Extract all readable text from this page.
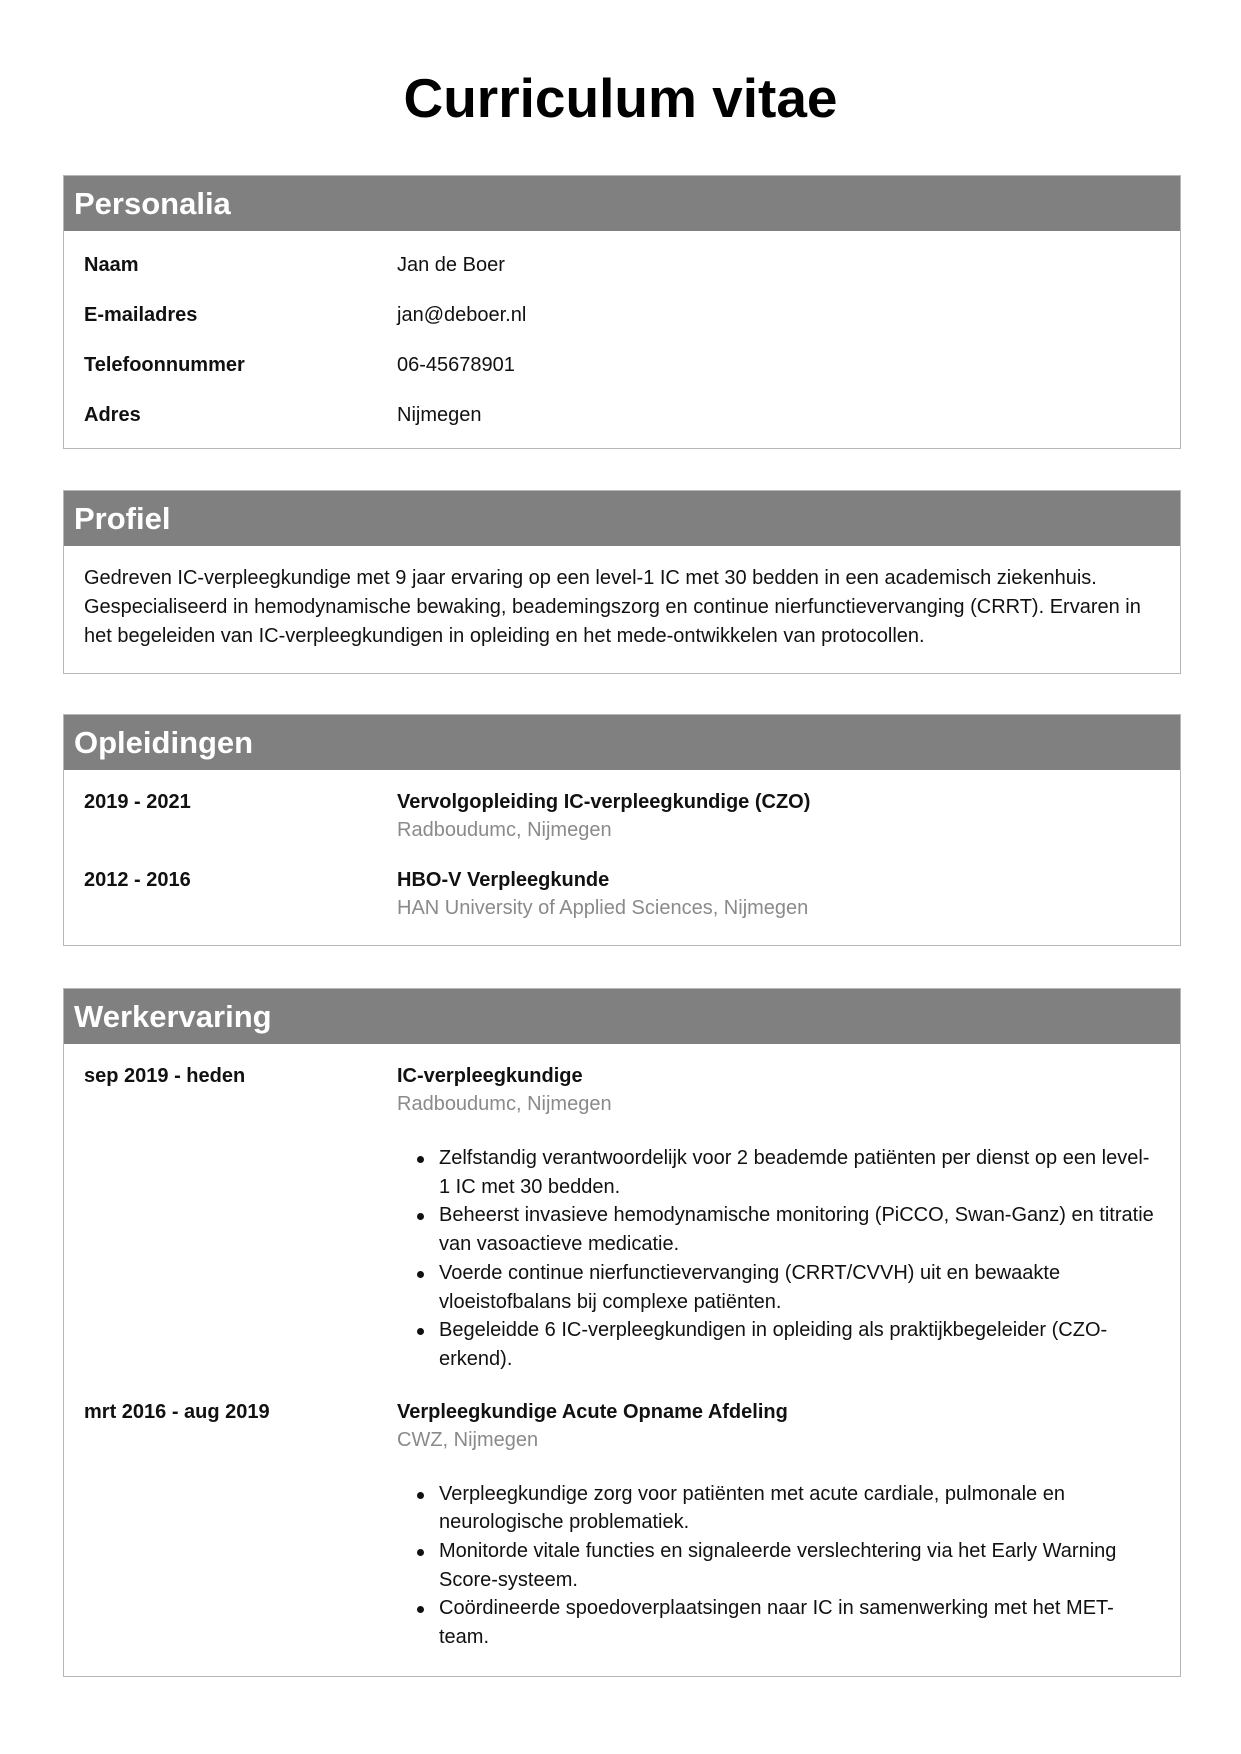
Curriculum vitae
Personalia
Naam	Jan de Boer
E-mailadres	jan@deboer.nl
Telefoonnummer	06-45678901
Adres	Nijmegen
Profiel
Gedreven IC-verpleegkundige met 9 jaar ervaring op een level-1 IC met 30 bedden in een academisch ziekenhuis. Gespecialiseerd in hemodynamische bewaking, beademingszorg en continue nierfunctievervanging (CRRT). Ervaren in het begeleiden van IC-verpleegkundigen in opleiding en het mede-ontwikkelen van protocollen.
Opleidingen
2019 - 2021	Vervolgopleiding IC-verpleegkundige (CZO)
Radboudumc, Nijmegen
2012 - 2016	HBO-V Verpleegkunde
HAN University of Applied Sciences, Nijmegen
Werkervaring
sep 2019 - heden	IC-verpleegkundige
Radboudumc, Nijmegen
Zelfstandig verantwoordelijk voor 2 beademde patiënten per dienst op een level-1 IC met 30 bedden.
Beheerst invasieve hemodynamische monitoring (PiCCO, Swan-Ganz) en titratie van vasoactieve medicatie.
Voerde continue nierfunctievervanging (CRRT/CVVH) uit en bewaakte vloeistofbalans bij complexe patiënten.
Begeleidde 6 IC-verpleegkundigen in opleiding als praktijkbegeleider (CZO-erkend).
mrt 2016 - aug 2019	Verpleegkundige Acute Opname Afdeling
CWZ, Nijmegen
Verpleegkundige zorg voor patiënten met acute cardiale, pulmonale en neurologische problematiek.
Monitorde vitale functies en signaleerde verslechtering via het Early Warning Score-systeem.
Coördineerde spoedoverplaatsingen naar IC in samenwerking met het MET-team.
